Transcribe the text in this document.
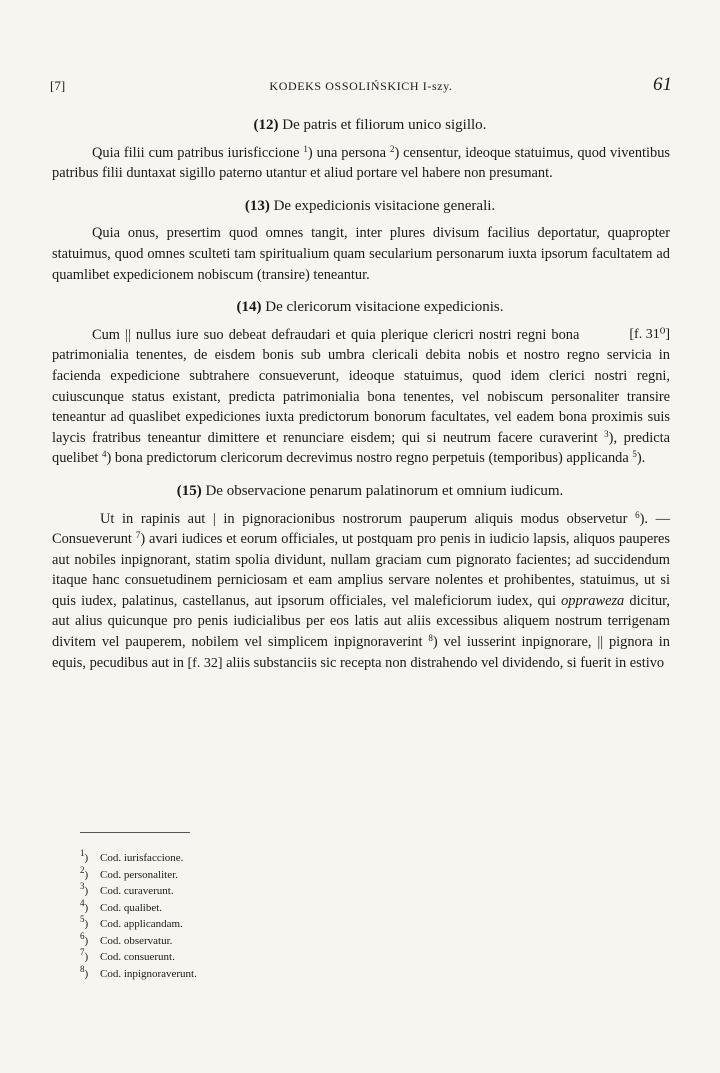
[7]	KODEKS OSSOLIŃSKICH I-szy.	61
(12) De patris et filiorum unico sigillo.

Quia filii cum patribus iurisficcione $^1$) una persona $^2$) censentur, ideoque statuimus, quod viventibus patribus filii duntaxat sigillo paterno utantur et aliud portare vel habere non presumant.

(13) De expedicionis visitacione generali.

Quia onus, presertim quod omnes tangit, inter plures divisum facilius deportatur, quapropter statuimus, quod omnes sculteti tam spiritualium quam secularium personarum iuxta ipsorum facultatem ad quamlibet expedicionem nobiscum (transire) teneantur.

(14) De clericorum visitacione expedicionis.

[f. 31⁰]
Cum || nullus iure suo debeat defraudari et quia plerique clericri nostri regni bona patrimonialia tenentes, de eisdem bonis sub umbra clericali debita nobis et nostro regno servicia in facienda expedicione subtrahere consueverunt, ideoque statuimus, quod idem clerici nostri regni, cuiuscunque status existant, predicta patrimonialia bona tenentes, vel nobiscum personaliter transire teneantur ad quaslibet expediciones iuxta predictorum bonorum facultates, vel eadem bona proximis suis laycis fratribus teneantur dimittere et renunciare eisdem; qui si neutrum facere curaverint $^3$), predicta quelibet $^4$) bona predictorum clericorum decrevimus nostro regno perpetuis (temporibus) applicanda $^5$).

(15) De observacione penarum palatinorum et omnium iudicum.

Ut in rapinis aut | in pignoracionibus nostrorum pauperum aliquis modus observetur $^6$). — Consueverunt $^7$) avari iudices et eorum officiales, ut postquam pro penis in iudicio lapsis, aliquos pauperes aut nobiles inpignorant, statim spolia dividunt, nullam graciam cum pignorato facientes; ad succidendum itaque hanc consuetudinem perniciosam et eam amplius servare nolentes et prohibentes, statuimus, ut si quis iudex, palatinus, castellanus, aut ipsorum officiales, vel maleficiorum iudex, qui oppraweza dicitur, aut alius quicunque pro penis iudicialibus per eos latis aut aliis excessibus aliquem nostrum terrigenam divitem vel pauperem, nobilem vel simplicem inpignoraverint $^8$) vel iusserint inpignorare, || pignora in equis, pecudibus aut in [f. 32] aliis substanciis sic recepta non distrahendo vel dividendo, si fuerit in estivo

$^1$) Cod. iurisfaccione.
$^2$) Cod. personaliter.
$^3$) Cod. curaverunt.
$^4$) Cod. qualibet.
$^5$) Cod. applicandam.
$^6$) Cod. observatur.
$^7$) Cod. consuerunt.
$^8$) Cod. inpignoraverunt.
